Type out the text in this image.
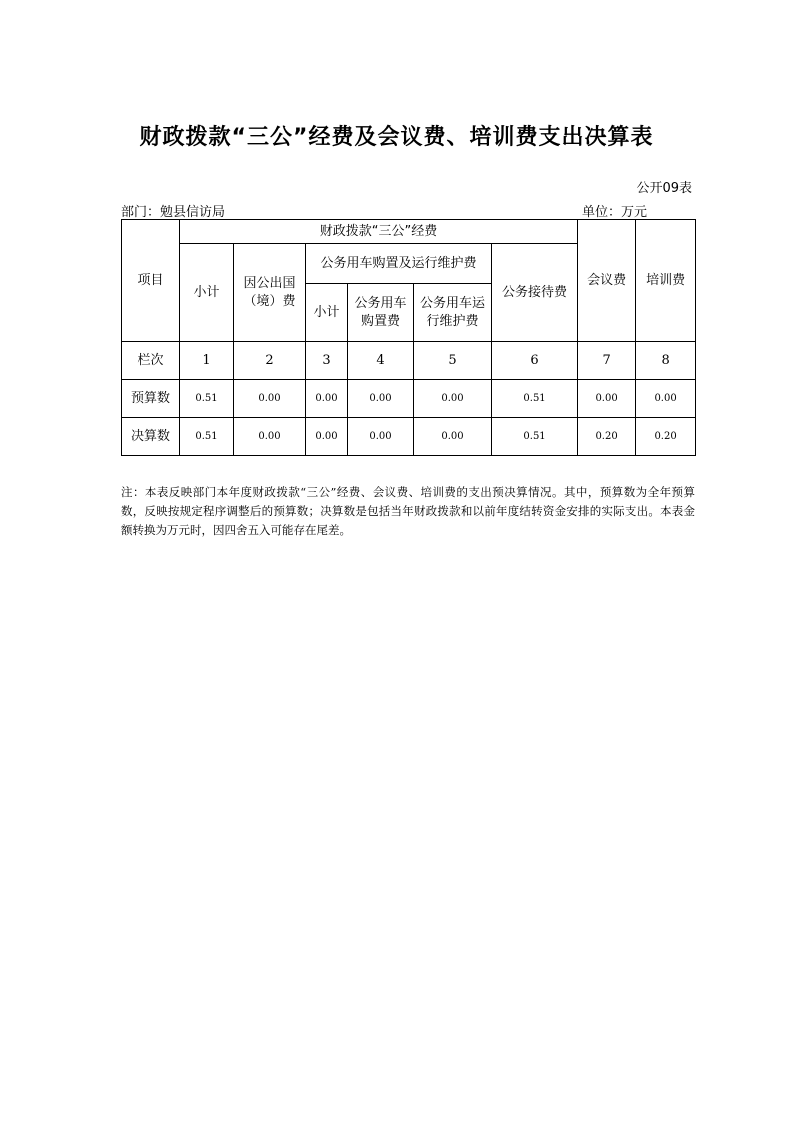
财政拨款“三公”经费及会议费、培训费支出决算表
公开09表
部门：勉县信访局	单位：万元
项目	财政拨款“三公”经费						会议费	培训费
	小计	因公出国（境）费	公务用车购置及运行维护费			公务接待费		
			小计	公务用车购置费	公务用车运行维护费			
栏次	1	2	3	4	5	6	7	8
预算数	0.51	0.00	0.00	0.00	0.00	0.51	0.00	0.00
决算数	0.51	0.00	0.00	0.00	0.00	0.51	0.20	0.20
注：本表反映部门本年度财政拨款“三公”经费、会议费、培训费的支出预决算情况。其中，预算数为全年预算数，反映按规定程序调整后的预算数；决算数是包括当年财政拨款和以前年度结转资金安排的实际支出。本表金额转换为万元时，因四舍五入可能存在尾差。
